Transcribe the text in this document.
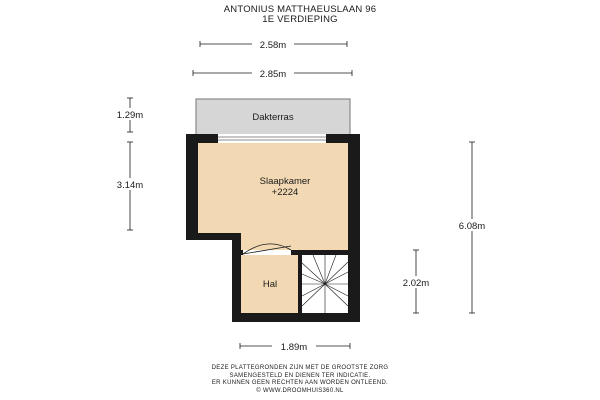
ANTONIUS MATTHAEUSLAAN 96
1E VERDIEPING
2.58m
2.85m
1.29m
3.14m
6.08m
2.02m
1.89m
Dakterras
Slaapkamer
+2224
Hal
DEZE PLATTEGRONDEN ZIJN MET DE GROOTSTE ZORG
SAMENGESTELD EN DIENEN TER INDICATIE.
ER KUNNEN GEEN RECHTEN AAN WORDEN ONTLEEND.
© WWW.DROOMHUIS360.NL
